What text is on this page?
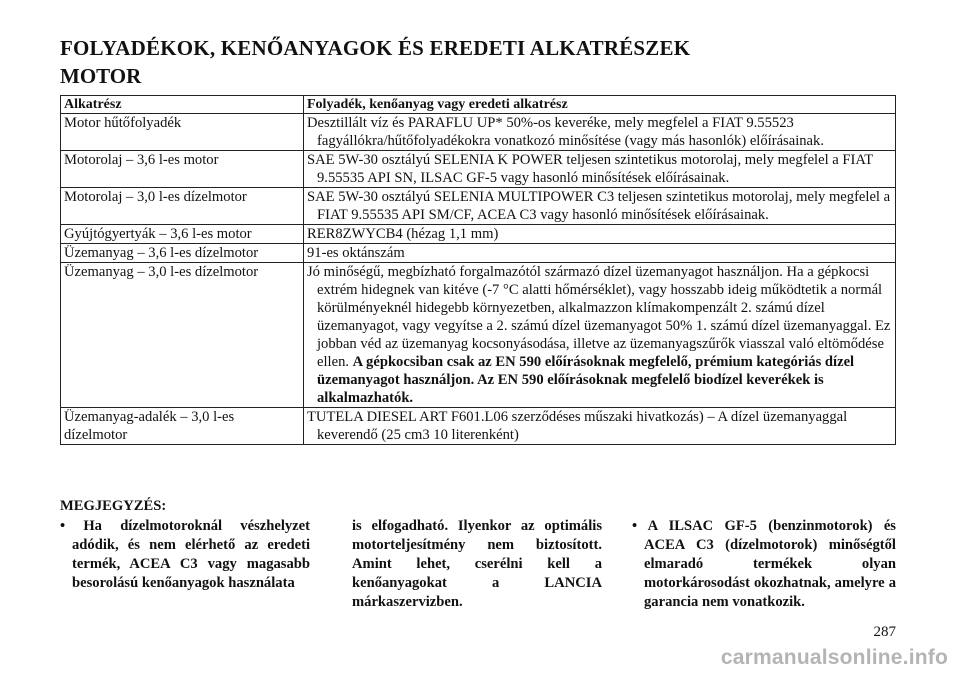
FOLYADÉKOK, KENŐANYAGOK ÉS EREDETI ALKATRÉSZEK
MOTOR
Alkatrész	Folyadék, kenőanyag vagy eredeti alkatrész
Motor hűtőfolyadék	Desztillált víz és PARAFLU UP* 50%-os keveréke, mely megfelel a FIAT 9.55523 fagyállókra/hűtőfolyadékokra vonatkozó minősítése (vagy más hasonlók) előírásainak.

Motorolaj – 3,6 l-es motor	SAE 5W-30 osztályú SELENIA K POWER teljesen szintetikus motorolaj, mely megfelel a FIAT 9.55535 API SN, ILSAC GF-5 vagy hasonló minősítések előírásainak.

Motorolaj – 3,0 l-es dízelmotor	SAE 5W-30 osztályú SELENIA MULTIPOWER C3 teljesen szintetikus motorolaj, mely megfelel a FIAT 9.55535 API SM/CF, ACEA C3 vagy hasonló minősítések előírásainak.

Gyújtógyertyák – 3,6 l-es motor	RER8ZWYCB4 (hézag 1,1 mm)

Üzemanyag – 3,6 l-es dízelmotor	91-es oktánszám

Üzemanyag – 3,0 l-es dízelmotor	Jó minőségű, megbízható forgalmazótól származó dízel üzemanyagot használjon. Ha a gépkocsi extrém hidegnek van kitéve (-7 °C alatti hőmérséklet), vagy hosszabb ideig működtetik a normál körülményeknél hidegebb környezetben, alkalmazzon klímakompenzált 2. számú dízel üzemanyagot, vagy vegyítse a 2. számú dízel üzemanyagot 50% 1. számú dízel üzemanyaggal. Ez jobban véd az üzemanyag kocsonyásodása, illetve az üzemanyagszűrők viasszal való eltömődése ellen. A gépkocsiban csak az EN 590 előírásoknak megfelelő, prémium kategóriás dízel üzemanyagot használjon. Az EN 590 előírásoknak megfelelő biodízel keverékek is alkalmazhatók.

Üzemanyag-adalék – 3,0 l-es dízelmotor	TUTELA DIESEL ART F601.L06 szerződéses műszaki hivatkozás) – A dízel üzemanyaggal keverendő (25 cm3 10 literenként)
MEGJEGYZÉS:
• Ha dízelmotoroknál vészhelyzet adódik, és nem elérhető az eredeti termék, ACEA C3 vagy magasabb besorolású kenőanyagok használata
is elfogadható. Ilyenkor az optimális motorteljesítmény nem biztosított. Amint lehet, cserélni kell a kenőanyagokat a LANCIA márkaszervizben.
• A ILSAC GF-5 (benzinmotorok) és ACEA C3 (dízelmotorok) minőségtől elmaradó termékek olyan motorkárosodást okozhatnak, amelyre a garancia nem vonatkozik.

287

carmanualsonline.info
